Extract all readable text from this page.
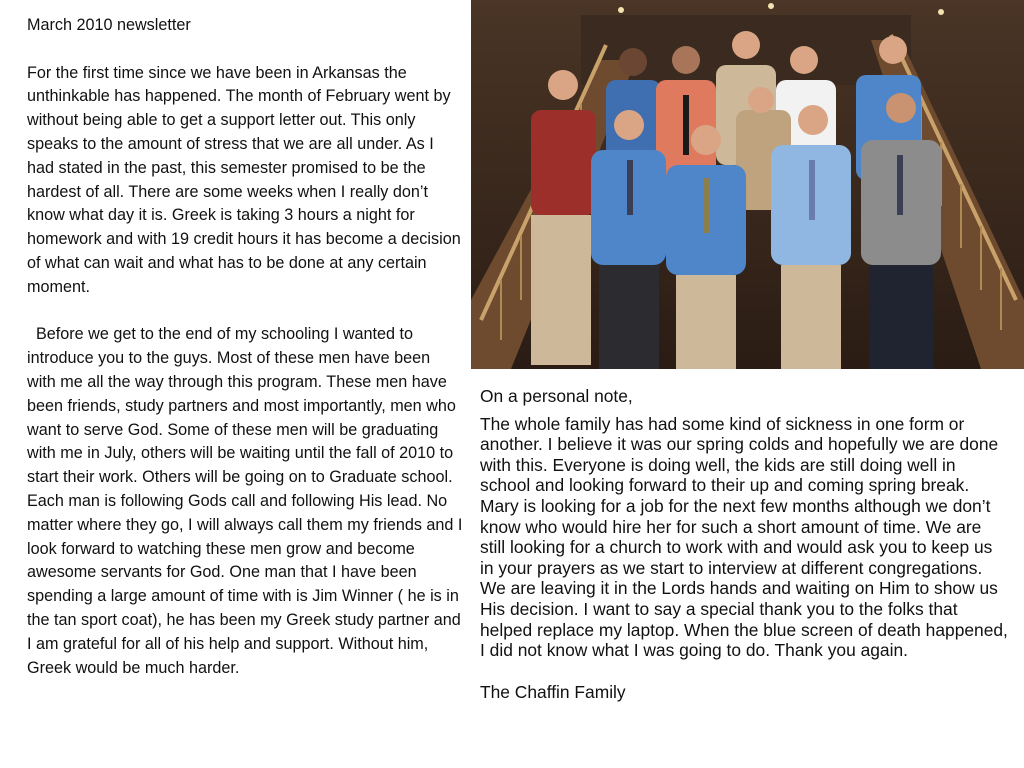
March 2010 newsletter

For the first time since we have been in Arkansas the unthinkable has happened. The month of February went by without being able to get a support letter out. This only speaks to the amount of stress that we are all under. As I had stated in the past, this semester promised to be the hardest of all. There are some weeks when I really don’t know what day it is. Greek is taking 3 hours a night for homework and with 19 credit hours it has become a decision of what can wait and what has to be done at any certain moment.

Before we get to the end of my schooling I wanted to introduce you to the guys. Most of these men have been with me all the way through this program. These men have been friends, study partners and most importantly, men who want to serve God. Some of these men will be graduating with me in July, others will be waiting until the fall of 2010 to start their work. Others will be going on to Graduate school. Each man is following Gods call and following His lead. No matter where they go, I will always call them my friends and I look forward to watching these men grow and become awesome servants for God. One man that I have been spending a large amount of time with is Jim Winner ( he is in the tan sport coat), he has been my Greek study partner and I am grateful for all of his help and support. Without him, Greek would be much harder.

On a personal note,

The whole family has had some kind of sickness in one form or another. I believe it was our spring colds and hopefully we are done with this. Everyone is doing well, the kids are still doing well in school and looking forward to their up and coming spring break. Mary is looking for a job for the next few months although we don’t know who would hire her for such a short amount of time. We are still looking for a church to work with and would ask you to keep us in your prayers as we start to interview at different congregations. We are leaving it in the Lords hands and waiting on Him to show us His decision. I want to say a special thank you to the folks that helped replace my laptop. When the blue screen of death happened, I did not know what I was going to do. Thank you again.

The Chaffin Family
